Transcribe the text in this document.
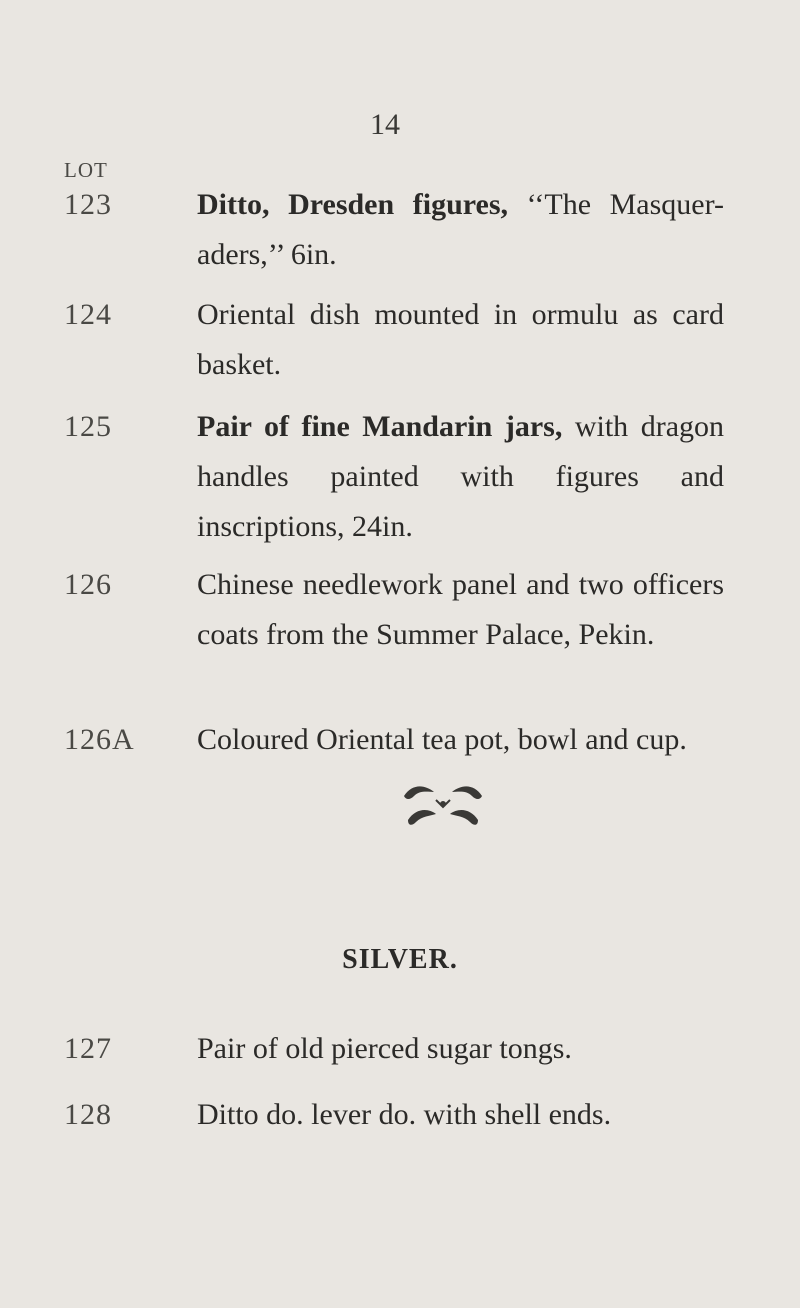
14
LOT
123	Ditto, Dresden figures, ‘‘The Masquer-aders,’’ 6in.
124	Oriental dish mounted in ormulu as card basket.
125	Pair of fine Mandarin jars, with dragon handles painted with figures and inscriptions, 24in.
126	Chinese needlework panel and two officers coats from the Summer Palace, Pekin.
126A Coloured Oriental tea pot, bowl and cup.
SILVER.
127	Pair of old pierced sugar tongs.
128	Ditto do. lever do. with shell ends.
